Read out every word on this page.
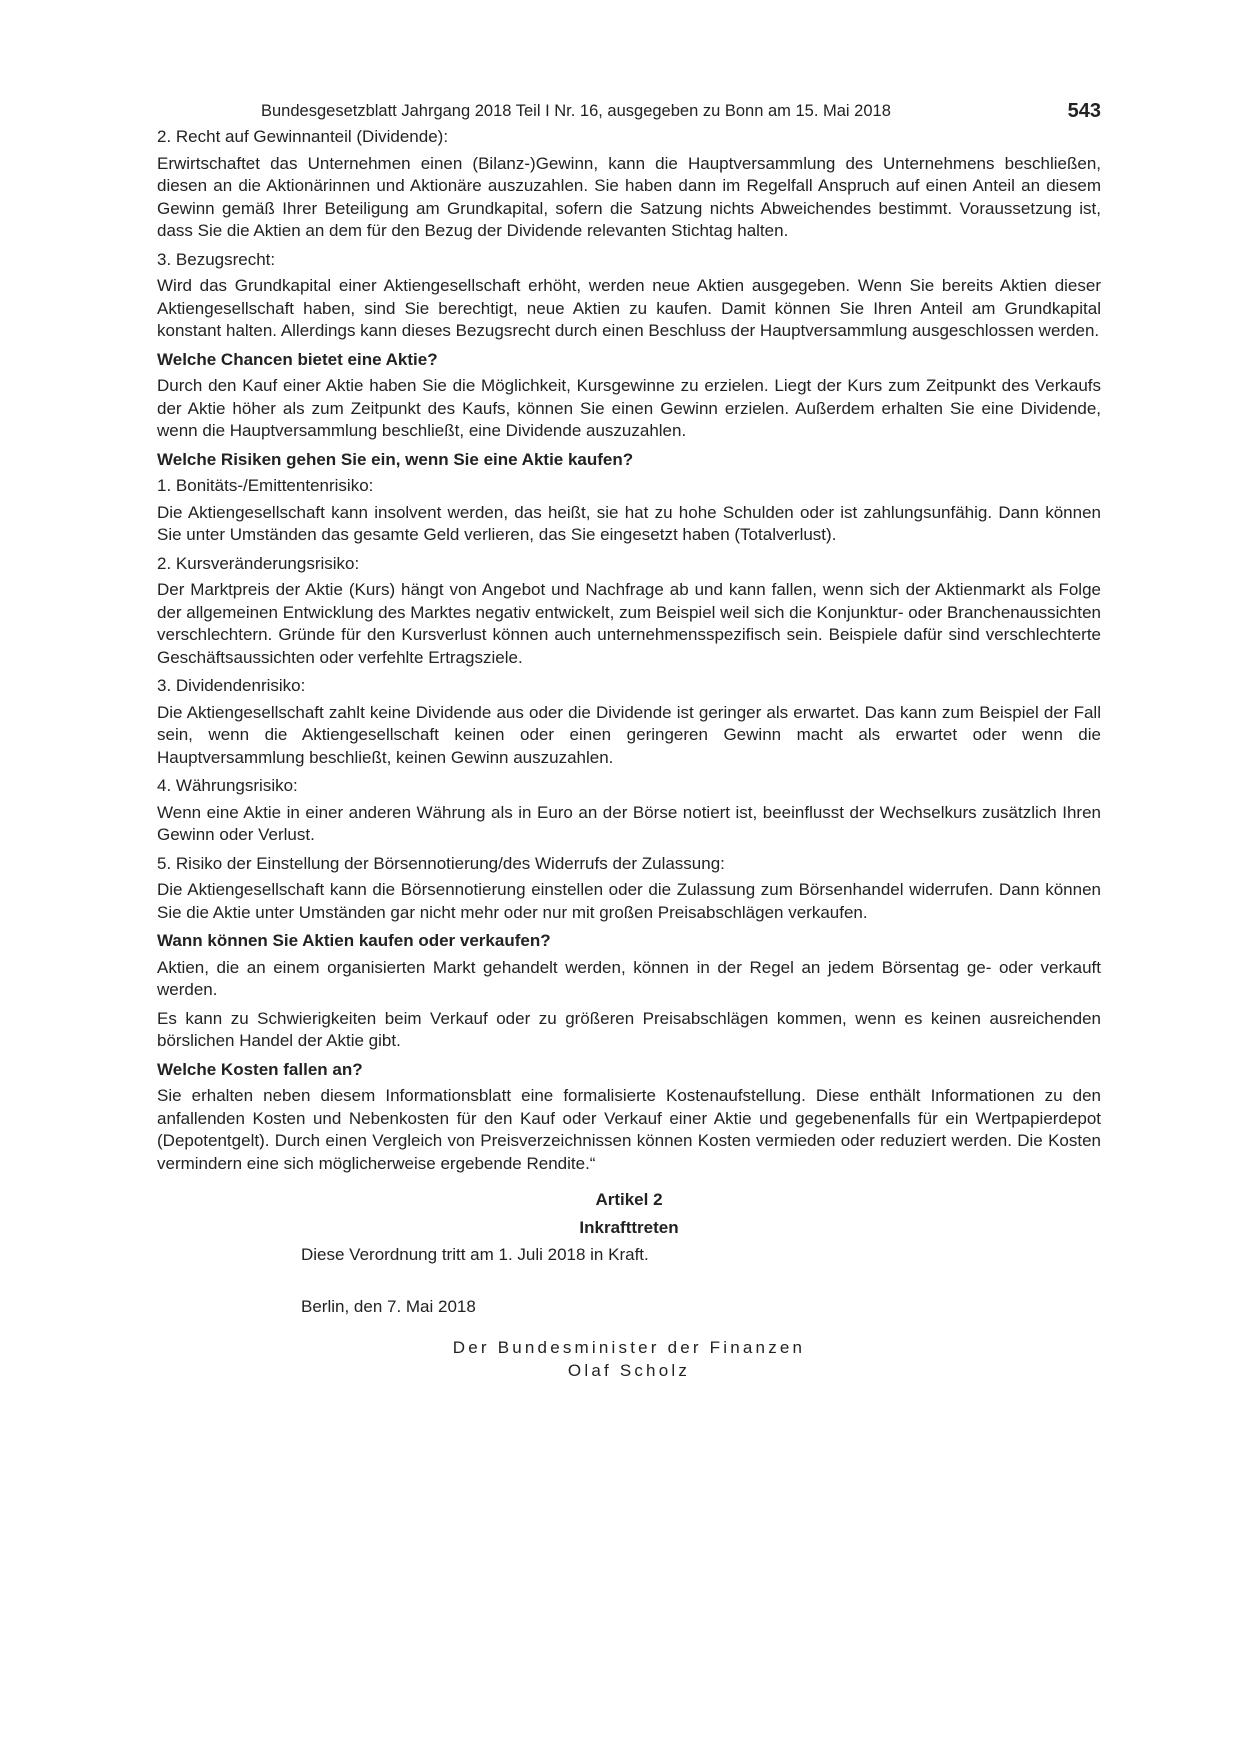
Bundesgesetzblatt Jahrgang 2018 Teil I Nr. 16, ausgegeben zu Bonn am 15. Mai 2018	543

2. Recht auf Gewinnanteil (Dividende):

Erwirtschaftet das Unternehmen einen (Bilanz-)Gewinn, kann die Hauptversammlung des Unternehmens beschließen, diesen an die Aktionärinnen und Aktionäre auszuzahlen. Sie haben dann im Regelfall Anspruch auf einen Anteil an diesem Gewinn gemäß Ihrer Beteiligung am Grundkapital, sofern die Satzung nichts Abweichendes bestimmt. Voraussetzung ist, dass Sie die Aktien an dem für den Bezug der Dividende relevanten Stichtag halten.

3. Bezugsrecht:

Wird das Grundkapital einer Aktiengesellschaft erhöht, werden neue Aktien ausgegeben. Wenn Sie bereits Aktien dieser Aktiengesellschaft haben, sind Sie berechtigt, neue Aktien zu kaufen. Damit können Sie Ihren Anteil am Grundkapital konstant halten. Allerdings kann dieses Bezugsrecht durch einen Beschluss der Hauptversammlung ausgeschlossen werden.

Welche Chancen bietet eine Aktie?

Durch den Kauf einer Aktie haben Sie die Möglichkeit, Kursgewinne zu erzielen. Liegt der Kurs zum Zeitpunkt des Verkaufs der Aktie höher als zum Zeitpunkt des Kaufs, können Sie einen Gewinn erzielen. Außerdem erhalten Sie eine Dividende, wenn die Hauptversammlung beschließt, eine Dividende auszuzahlen.

Welche Risiken gehen Sie ein, wenn Sie eine Aktie kaufen?

1. Bonitäts-/Emittentenrisiko:

Die Aktiengesellschaft kann insolvent werden, das heißt, sie hat zu hohe Schulden oder ist zahlungsunfähig. Dann können Sie unter Umständen das gesamte Geld verlieren, das Sie eingesetzt haben (Totalverlust).

2. Kursveränderungsrisiko:

Der Marktpreis der Aktie (Kurs) hängt von Angebot und Nachfrage ab und kann fallen, wenn sich der Aktienmarkt als Folge der allgemeinen Entwicklung des Marktes negativ entwickelt, zum Beispiel weil sich die Konjunktur- oder Branchenaussichten verschlechtern. Gründe für den Kursverlust können auch unternehmensspezifisch sein. Beispiele dafür sind verschlechterte Geschäftsaussichten oder verfehlte Ertragsziele.

3. Dividendenrisiko:

Die Aktiengesellschaft zahlt keine Dividende aus oder die Dividende ist geringer als erwartet. Das kann zum Beispiel der Fall sein, wenn die Aktiengesellschaft keinen oder einen geringeren Gewinn macht als erwartet oder wenn die Hauptversammlung beschließt, keinen Gewinn auszuzahlen.

4. Währungsrisiko:

Wenn eine Aktie in einer anderen Währung als in Euro an der Börse notiert ist, beeinflusst der Wechselkurs zusätzlich Ihren Gewinn oder Verlust.

5. Risiko der Einstellung der Börsennotierung/des Widerrufs der Zulassung:

Die Aktiengesellschaft kann die Börsennotierung einstellen oder die Zulassung zum Börsenhandel widerrufen. Dann können Sie die Aktie unter Umständen gar nicht mehr oder nur mit großen Preisabschlägen verkaufen.

Wann können Sie Aktien kaufen oder verkaufen?

Aktien, die an einem organisierten Markt gehandelt werden, können in der Regel an jedem Börsentag ge- oder verkauft werden.

Es kann zu Schwierigkeiten beim Verkauf oder zu größeren Preisabschlägen kommen, wenn es keinen ausreichenden börslichen Handel der Aktie gibt.

Welche Kosten fallen an?

Sie erhalten neben diesem Informationsblatt eine formalisierte Kostenaufstellung. Diese enthält Informationen zu den anfallenden Kosten und Nebenkosten für den Kauf oder Verkauf einer Aktie und gegebenenfalls für ein Wertpapierdepot (Depotentgelt). Durch einen Vergleich von Preisverzeichnissen können Kosten vermieden oder reduziert werden. Die Kosten vermindern eine sich möglicherweise ergebende Rendite.“

Artikel 2

Inkrafttreten

Diese Verordnung tritt am 1. Juli 2018 in Kraft.

Berlin, den 7. Mai 2018

Der Bundesminister der Finanzen

Olaf Scholz
